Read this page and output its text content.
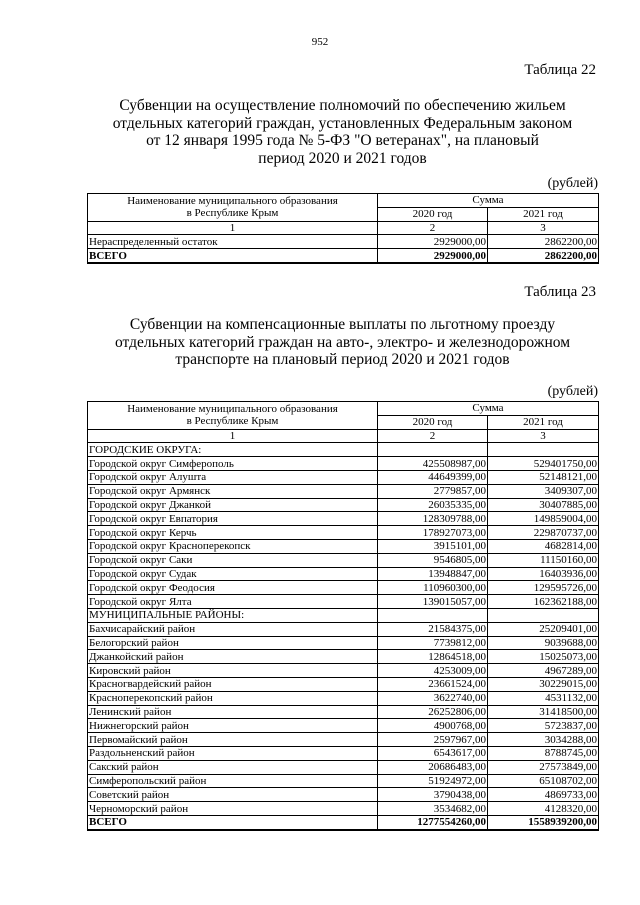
952
Таблица 22
Субвенции на осуществление полномочий по обеспечению жильем
отдельных категорий граждан, установленных Федеральным законом
от 12 января 1995 года № 5-ФЗ "О ветеранах", на плановый
период 2020 и 2021 годов
(рублей)
Наименование муниципального образования
в Республике Крым	Сумма	
	2020 год	2021 год
1	2	3
Нераспределенный остаток	2929000,00	2862200,00
ВСЕГО	2929000,00	2862200,00
Таблица 23
Субвенции на компенсационные выплаты по льготному проезду
отдельных категорий граждан на авто-, электро- и железнодорожном
транспорте на плановый период 2020 и 2021 годов
(рублей)
Наименование муниципального образования
в Республике Крым	Сумма	
	2020 год	2021 год
1	2	3
ГОРОДСКИЕ ОКРУГА:		
Городской округ Симферополь	425508987,00	529401750,00
Городской округ Алушта	44649399,00	52148121,00
Городской округ Армянск	2779857,00	3409307,00
Городской округ Джанкой	26035335,00	30407885,00
Городской округ Евпатория	128309788,00	149859004,00
Городской округ Керчь	178927073,00	229870737,00
Городской округ Красноперекопск	3915101,00	4682814,00
Городской округ Саки	9546805,00	11150160,00
Городской округ Судак	13948847,00	16403936,00
Городской округ Феодосия	110960300,00	129595726,00
Городской округ Ялта	139015057,00	162362188,00
МУНИЦИПАЛЬНЫЕ РАЙОНЫ:		
Бахчисарайский район	21584375,00	25209401,00
Белогорский район	7739812,00	9039688,00
Джанкойский район	12864518,00	15025073,00
Кировский район	4253009,00	4967289,00
Красногвардейский район	23661524,00	30229015,00
Красноперекопский район	3622740,00	4531132,00
Ленинский район	26252806,00	31418500,00
Нижнегорский район	4900768,00	5723837,00
Первомайский район	2597967,00	3034288,00
Раздольненский район	6543617,00	8788745,00
Сакский район	20686483,00	27573849,00
Симферопольский район	51924972,00	65108702,00
Советский район	3790438,00	4869733,00
Черноморский район	3534682,00	4128320,00
ВСЕГО	1277554260,00	1558939200,00
